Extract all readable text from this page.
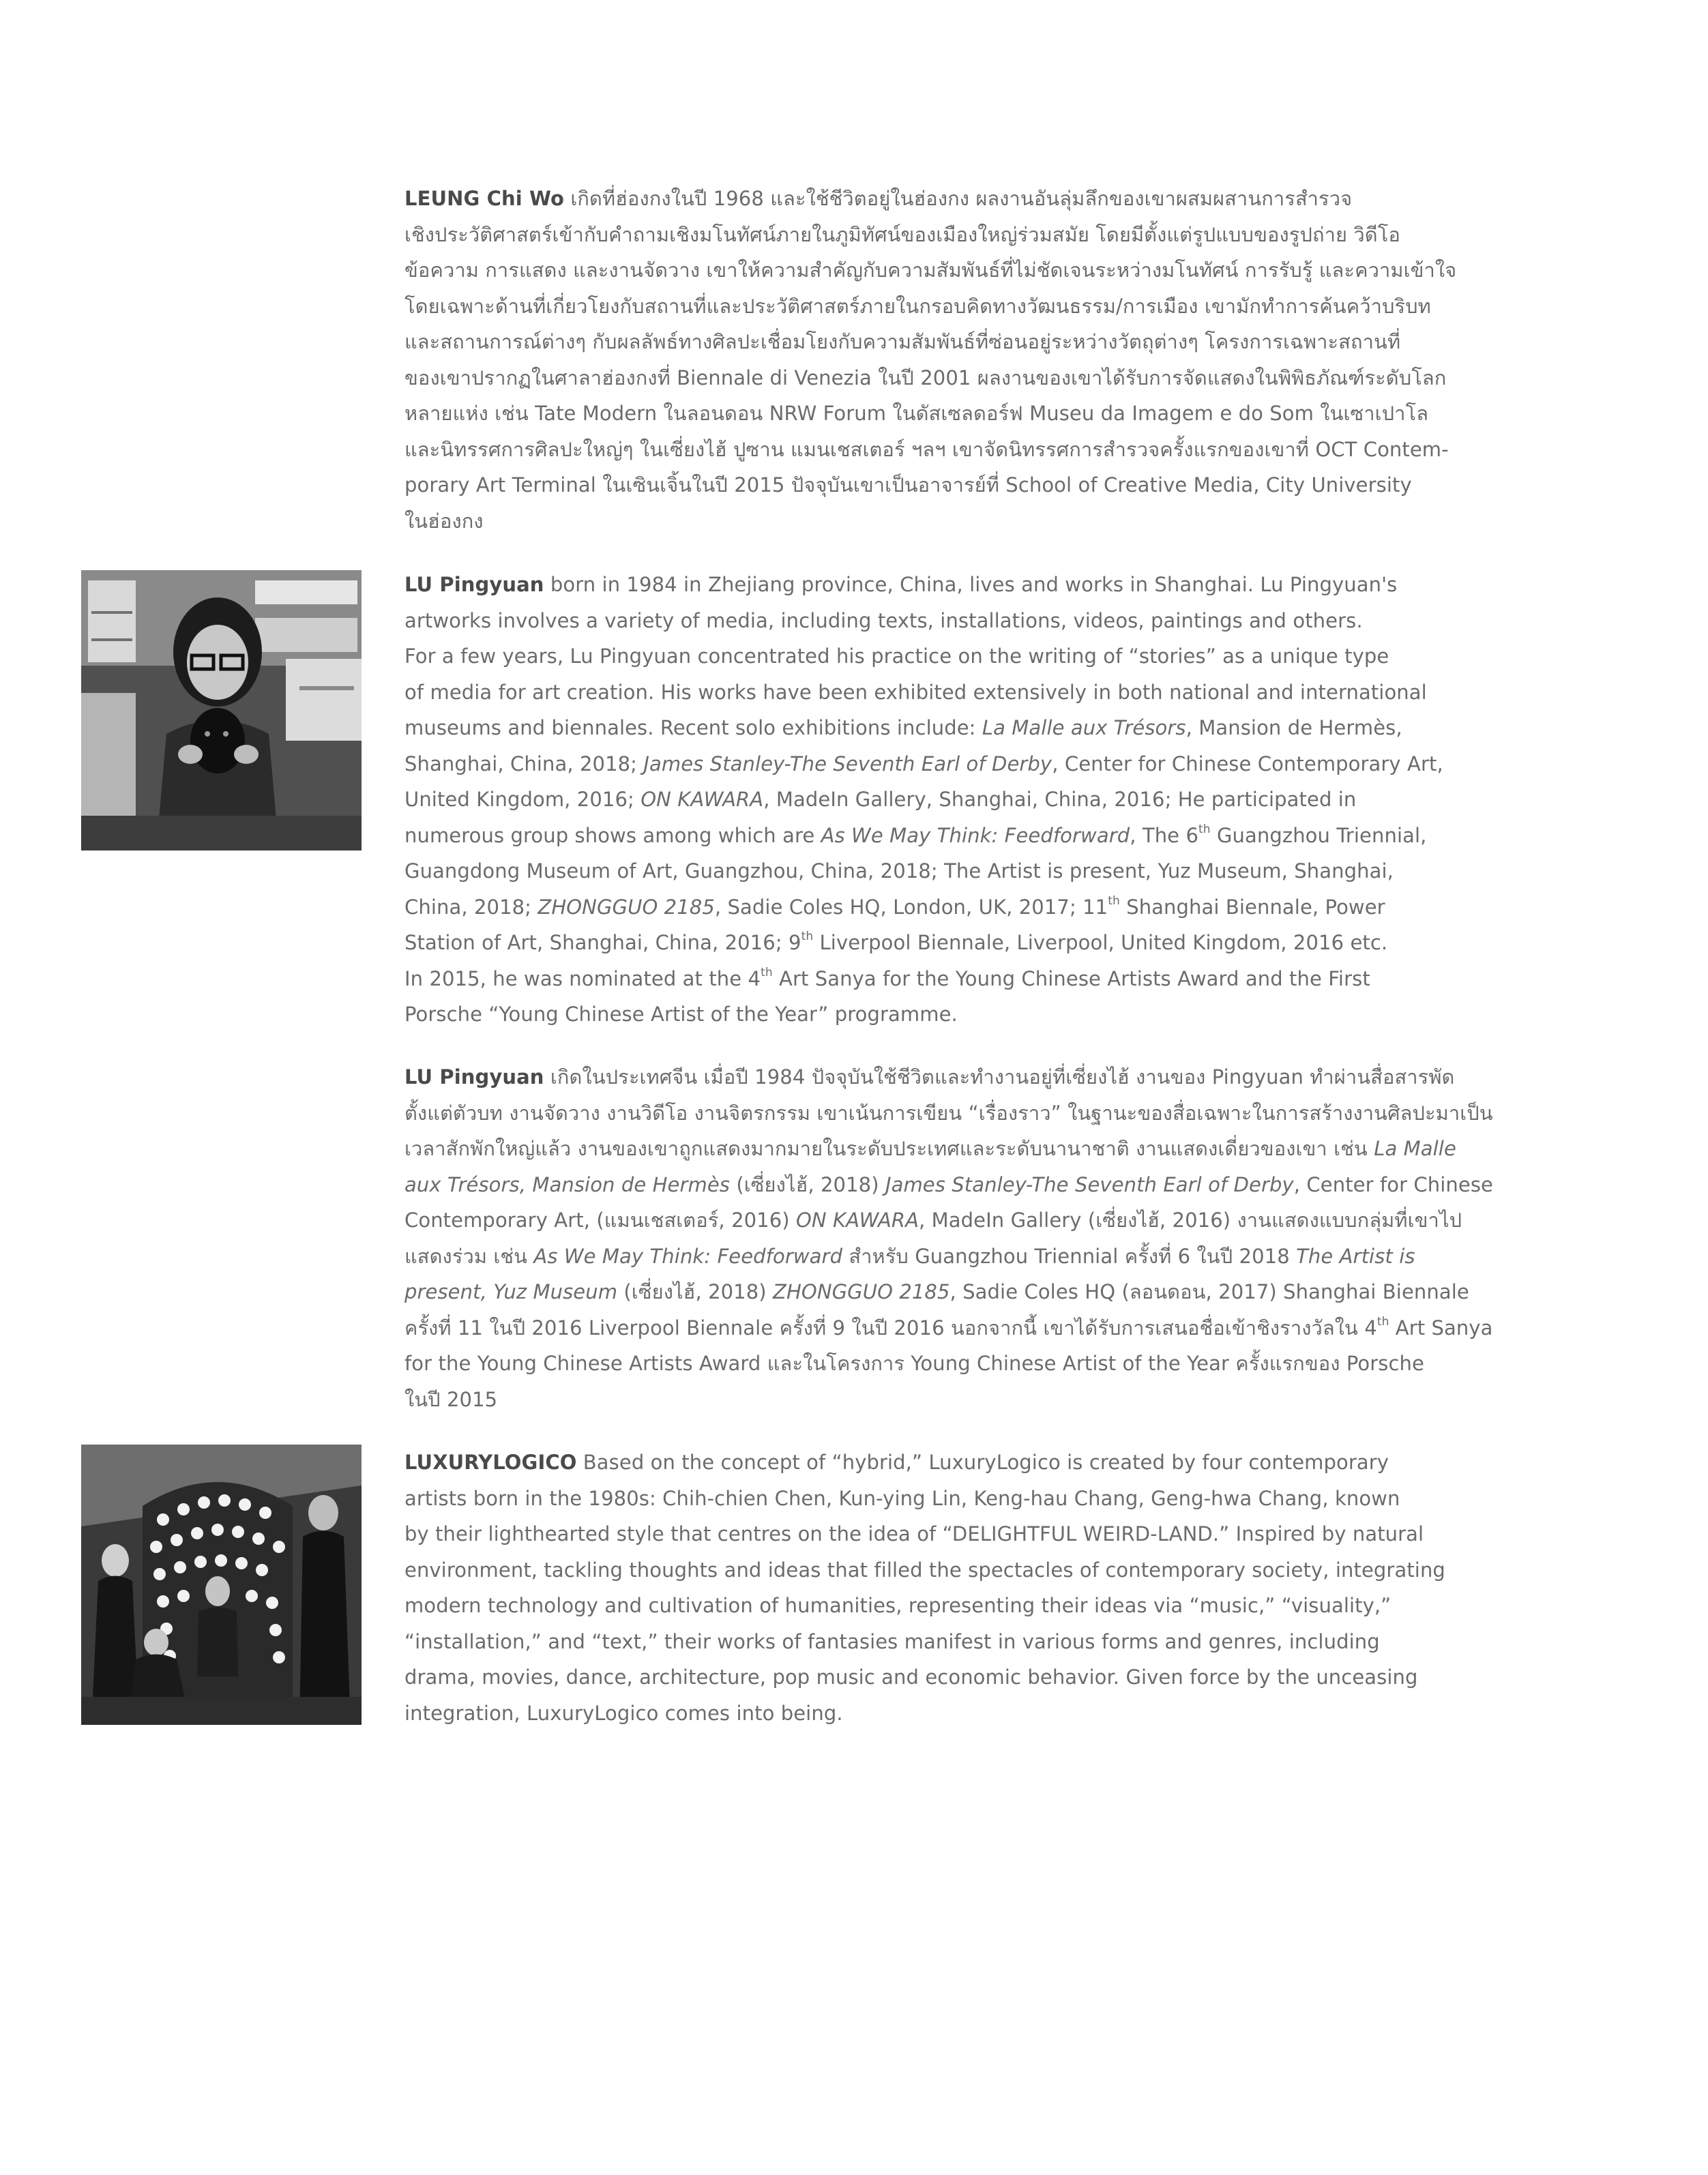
LEUNG Chi Wo เกิดที่ฮ่องกงในปี 1968 และใช้ชีวิตอยู่ในฮ่องกง ผลงานอันลุ่มลึกของเขาผสมผสานการสำรวจ
เชิงประวัติศาสตร์เข้ากับคำถามเชิงมโนทัศน์ภายในภูมิทัศน์ของเมืองใหญ่ร่วมสมัย โดยมีตั้งแต่รูปแบบของรูปถ่าย วิดีโอ
ข้อความ การแสดง และงานจัดวาง เขาให้ความสำคัญกับความสัมพันธ์ที่ไม่ชัดเจนระหว่างมโนทัศน์ การรับรู้ และความเข้าใจ
โดยเฉพาะด้านที่เกี่ยวโยงกับสถานที่และประวัติศาสตร์ภายในกรอบคิดทางวัฒนธรรม/การเมือง เขามักทำการค้นคว้าบริบท
และสถานการณ์ต่างๆ กับผลลัพธ์ทางศิลปะเชื่อมโยงกับความสัมพันธ์ที่ซ่อนอยู่ระหว่างวัตถุต่างๆ โครงการเฉพาะสถานที่
ของเขาปรากฏในศาลาฮ่องกงที่ Biennale di Venezia ในปี 2001 ผลงานของเขาได้รับการจัดแสดงในพิพิธภัณฑ์ระดับโลก
หลายแห่ง เช่น Tate Modern ในลอนดอน NRW Forum ในดัสเซลดอร์ฟ Museu da Imagem e do Som ในเซาเปาโล
และนิทรรศการศิลปะใหญ่ๆ ในเซี่ยงไฮ้ ปูซาน แมนเชสเตอร์ ฯลฯ เขาจัดนิทรรศการสำรวจครั้งแรกของเขาที่ OCT Contem-
porary Art Terminal ในเซินเจิ้นในปี 2015 ปัจจุบันเขาเป็นอาจารย์ที่ School of Creative Media, City University
ในฮ่องกง
LU Pingyuan born in 1984 in Zhejiang province, China, lives and works in Shanghai. Lu Pingyuan's
artworks involves a variety of media, including texts, installations, videos, paintings and others.
For a few years, Lu Pingyuan concentrated his practice on the writing of “stories” as a unique type
of media for art creation. His works have been exhibited extensively in both national and international
museums and biennales. Recent solo exhibitions include: La Malle aux Trésors, Mansion de Hermès,
Shanghai, China, 2018; James Stanley-The Seventh Earl of Derby, Center for Chinese Contemporary Art,
United Kingdom, 2016; ON KAWARA, MadeIn Gallery, Shanghai, China, 2016; He participated in
numerous group shows among which are As We May Think: Feedforward, The 6th Guangzhou Triennial,
Guangdong Museum of Art, Guangzhou, China, 2018; The Artist is present, Yuz Museum, Shanghai,
China, 2018; ZHONGGUO 2185, Sadie Coles HQ, London, UK, 2017; 11th Shanghai Biennale, Power
Station of Art, Shanghai, China, 2016; 9th Liverpool Biennale, Liverpool, United Kingdom, 2016 etc.
In 2015, he was nominated at the 4th Art Sanya for the Young Chinese Artists Award and the First
Porsche “Young Chinese Artist of the Year” programme.
LU Pingyuan เกิดในประเทศจีน เมื่อปี 1984 ปัจจุบันใช้ชีวิตและทำงานอยู่ที่เซี่ยงไฮ้ งานของ Pingyuan ทำผ่านสื่อสารพัด
ตั้งแต่ตัวบท งานจัดวาง งานวิดีโอ งานจิตรกรรม เขาเน้นการเขียน “เรื่องราว” ในฐานะของสื่อเฉพาะในการสร้างงานศิลปะมาเป็น
เวลาสักพักใหญ่แล้ว งานของเขาถูกแสดงมากมายในระดับประเทศและระดับนานาชาติ งานแสดงเดี่ยวของเขา เช่น La Malle
aux Trésors, Mansion de Hermès (เซี่ยงไฮ้, 2018) James Stanley-The Seventh Earl of Derby, Center for Chinese
Contemporary Art, (แมนเชสเตอร์, 2016) ON KAWARA, MadeIn Gallery (เซี่ยงไฮ้, 2016) งานแสดงแบบกลุ่มที่เขาไป
แสดงร่วม เช่น As We May Think: Feedforward สำหรับ Guangzhou Triennial ครั้งที่ 6 ในปี 2018 The Artist is
present, Yuz Museum (เซี่ยงไฮ้, 2018) ZHONGGUO 2185, Sadie Coles HQ (ลอนดอน, 2017) Shanghai Biennale
ครั้งที่ 11 ในปี 2016 Liverpool Biennale ครั้งที่ 9 ในปี 2016 นอกจากนี้ เขาได้รับการเสนอชื่อเข้าชิงรางวัลใน 4th Art Sanya
for the Young Chinese Artists Award และในโครงการ Young Chinese Artist of the Year ครั้งแรกของ Porsche
ในปี 2015
LUXURYLOGICO Based on the concept of “hybrid,” LuxuryLogico is created by four contemporary
artists born in the 1980s: Chih-chien Chen, Kun-ying Lin, Keng-hau Chang, Geng-hwa Chang, known
by their lighthearted style that centres on the idea of “DELIGHTFUL WEIRD-LAND.” Inspired by natural
environment, tackling thoughts and ideas that filled the spectacles of contemporary society, integrating
modern technology and cultivation of humanities, representing their ideas via “music,” “visuality,”
“installation,” and “text,” their works of fantasies manifest in various forms and genres, including
drama, movies, dance, architecture, pop music and economic behavior. Given force by the unceasing
integration, LuxuryLogico comes into being.
